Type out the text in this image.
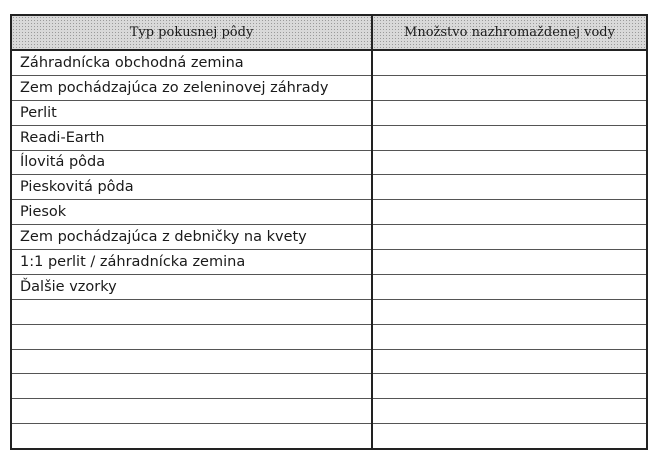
Typ pokusnej pôdy	Množstvo nazhromaždenej vody
Záhradnícka obchodná zemina	
Zem pochádzajúca zo zeleninovej záhrady	
Perlit	
Readi-Earth	
Ílovitá pôda	
Pieskovitá pôda	
Piesok	
Zem pochádzajúca z debničky na kvety	
1:1 perlit / záhradnícka zemina	
Ďalšie vzorky	
